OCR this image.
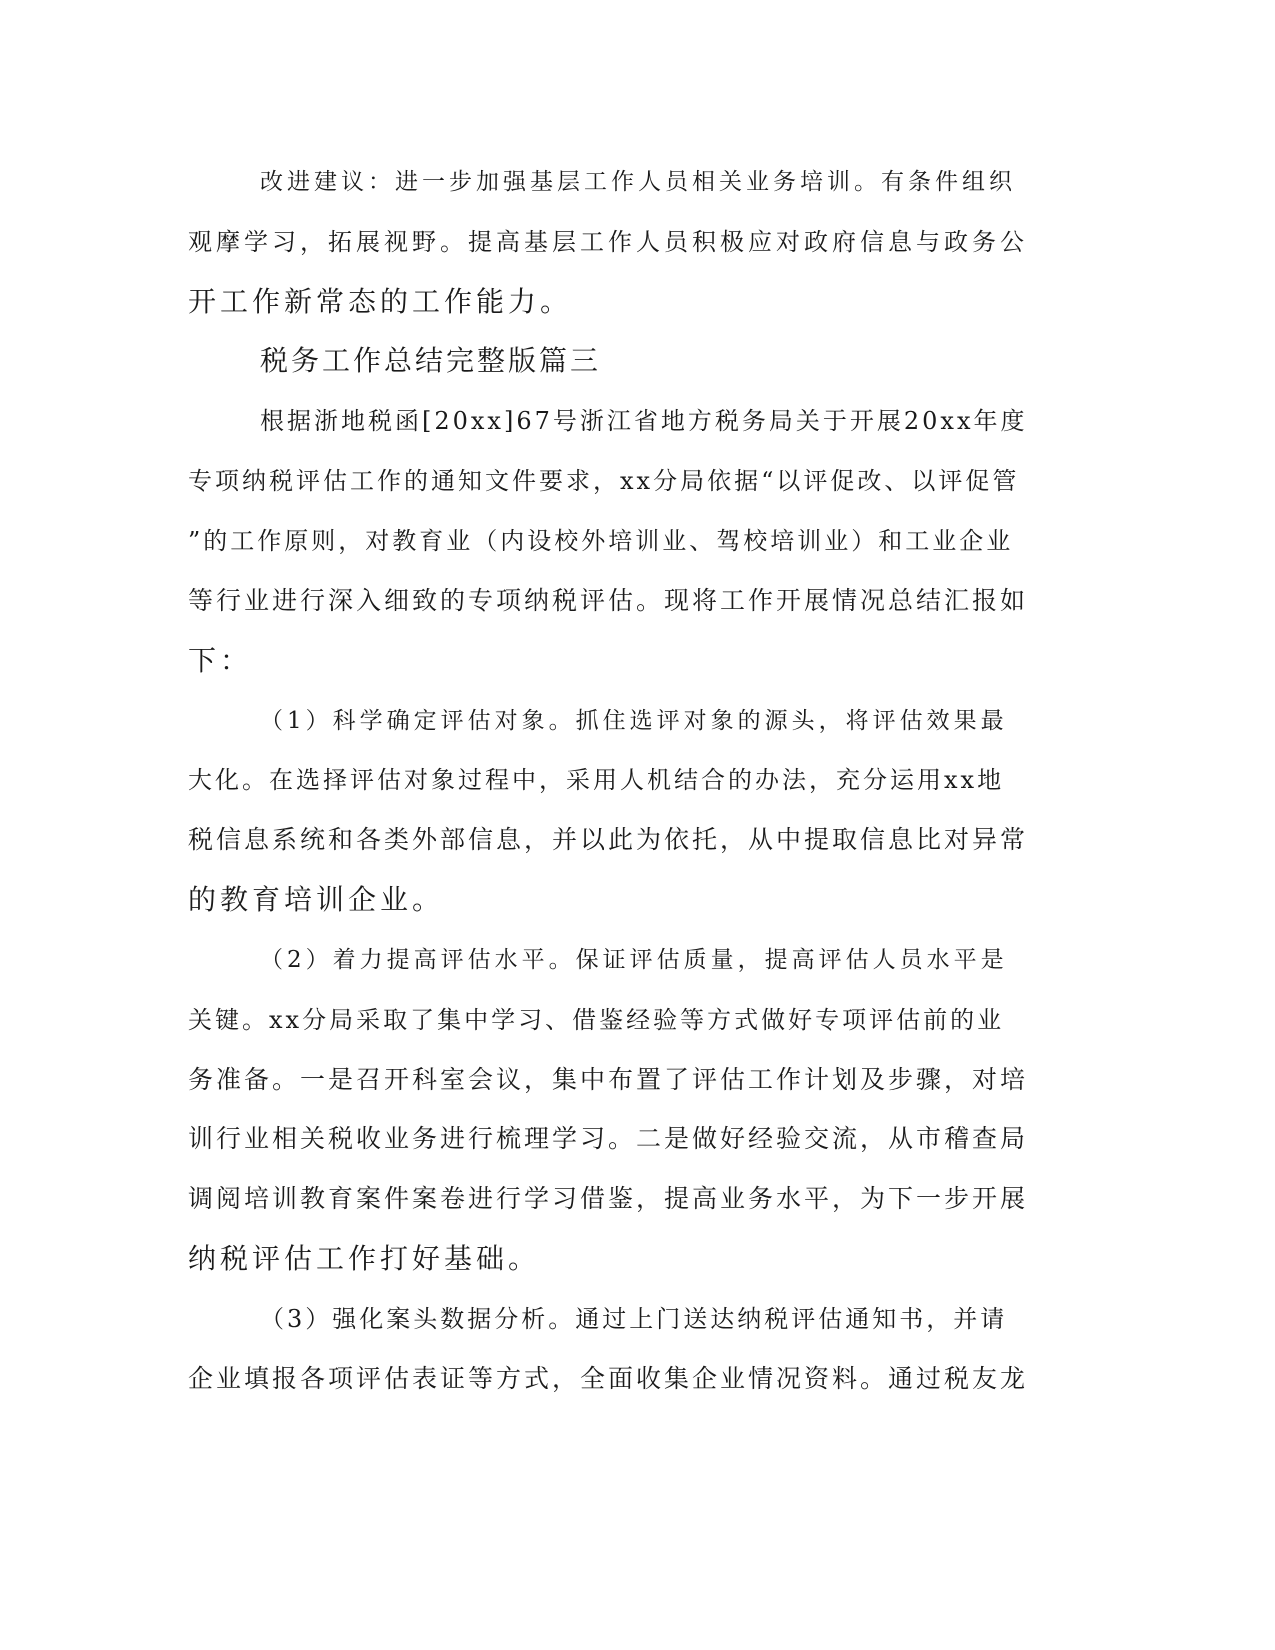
改进建议：进一步加强基层工作人员相关业务培训。有条件组织
观摩学习，拓展视野。提高基层工作人员积极应对政府信息与政务公
开工作新常态的工作能力。
税务工作总结完整版篇三
根据浙地税函[20xx]67号浙江省地方税务局关于开展20xx年度
专项纳税评估工作的通知文件要求，xx分局依据“以评促改、以评促管
”的工作原则，对教育业（内设校外培训业、驾校培训业）和工业企业
等行业进行深入细致的专项纳税评估。现将工作开展情况总结汇报如
下：
（1）科学确定评估对象。抓住选评对象的源头，将评估效果最
大化。在选择评估对象过程中，采用人机结合的办法，充分运用xx地
税信息系统和各类外部信息，并以此为依托，从中提取信息比对异常
的教育培训企业。
（2）着力提高评估水平。保证评估质量，提高评估人员水平是
关键。xx分局采取了集中学习、借鉴经验等方式做好专项评估前的业
务准备。一是召开科室会议，集中布置了评估工作计划及步骤，对培
训行业相关税收业务进行梳理学习。二是做好经验交流，从市稽查局
调阅培训教育案件案卷进行学习借鉴，提高业务水平，为下一步开展
纳税评估工作打好基础。
（3）强化案头数据分析。通过上门送达纳税评估通知书，并请
企业填报各项评估表证等方式，全面收集企业情况资料。通过税友龙
